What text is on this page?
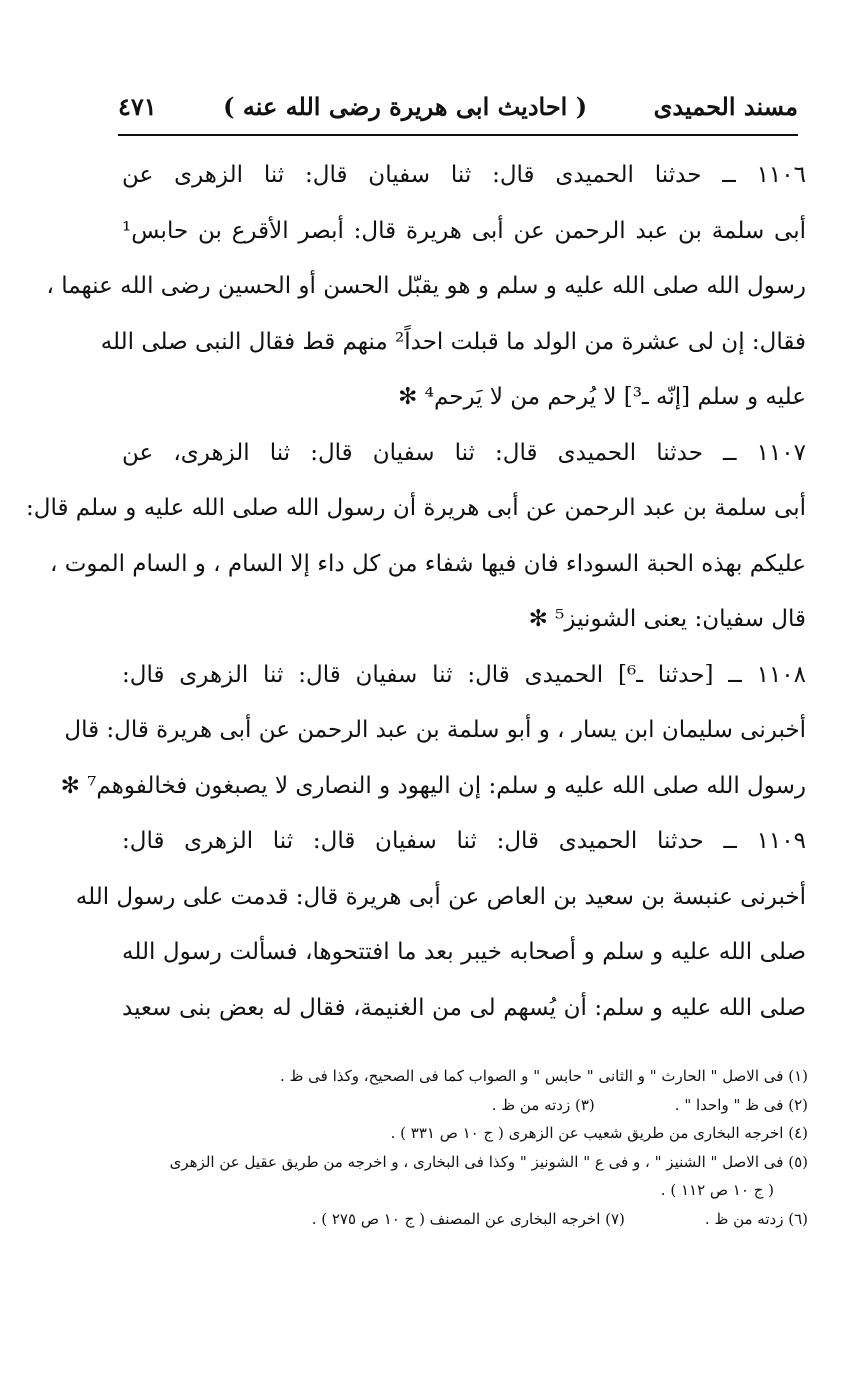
مسند الحميدى
( احاديث ابى هريرة رضى الله عنه )
٤٧١
١١٠٦ ــ حدثنا الحميدى قال: ثنا سفيان قال: ثنا الزهرى عن
أبى سلمة بن عبد الرحمن عن أبى هريرة قال: أبصر الأقرع بن حابس¹
رسول الله صلى الله عليه و سلم و هو يقبّل الحسن أو الحسين رضى الله عنهما ،
فقال: إن لى عشرة من الولد ما قبلت احداً² منهم قط فقال النبى صلى الله
عليه و سلم [إنّه ـ³] لا يُرحم من لا يَرحم⁴ ✻
١١٠٧ ــ حدثنا الحميدى قال: ثنا سفيان قال: ثنا الزهرى، عن
أبى سلمة بن عبد الرحمن عن أبى هريرة أن رسول الله صلى الله عليه و سلم قال:
عليكم بهذه الحبة السوداء فان فيها شفاء من كل داء إلا السام ، و السام الموت ،
قال سفيان: يعنى الشونيز⁵ ✻
١١٠٨ ــ [حدثنا ـ⁶] الحميدى قال: ثنا سفيان قال: ثنا الزهرى قال:
أخبرنى سليمان ابن يسار ، و أبو سلمة بن عبد الرحمن عن أبى هريرة قال: قال
رسول الله صلى الله عليه و سلم: إن اليهود و النصارى لا يصبغون فخالفوهم⁷ ✻
١١٠٩ ــ حدثنا الحميدى قال: ثنا سفيان قال: ثنا الزهرى قال:
أخبرنى عنبسة بن سعيد بن العاص عن أبى هريرة قال: قدمت على رسول الله
صلى الله عليه و سلم و أصحابه خيبر بعد ما افتتحوها، فسألت رسول الله
صلى الله عليه و سلم: أن يُسهم لى من الغنيمة، فقال له بعض بنى سعيد
(١) فى الاصل " الحارث " و الثانى " حابس " و الصواب كما فى الصحيح، وكذا فى ظ .
(٢) فى ظ " واحدا " .
(٣) زدته من ظ .
(٤) اخرجه البخارى من طريق شعيب عن الزهرى ( ج ١٠ ص ٣٣١ ) .
(٥) فى الاصل " الشنيز " ، و فى ع " الشونيز " وكذا فى البخارى ، و اخرجه من طريق عقيل عن الزهرى
( ج ١٠ ص ١١٢ ) .
(٦) زدته من ظ .
(٧) اخرجه البخارى عن المصنف ( ج ١٠ ص ٢٧٥ ) .
